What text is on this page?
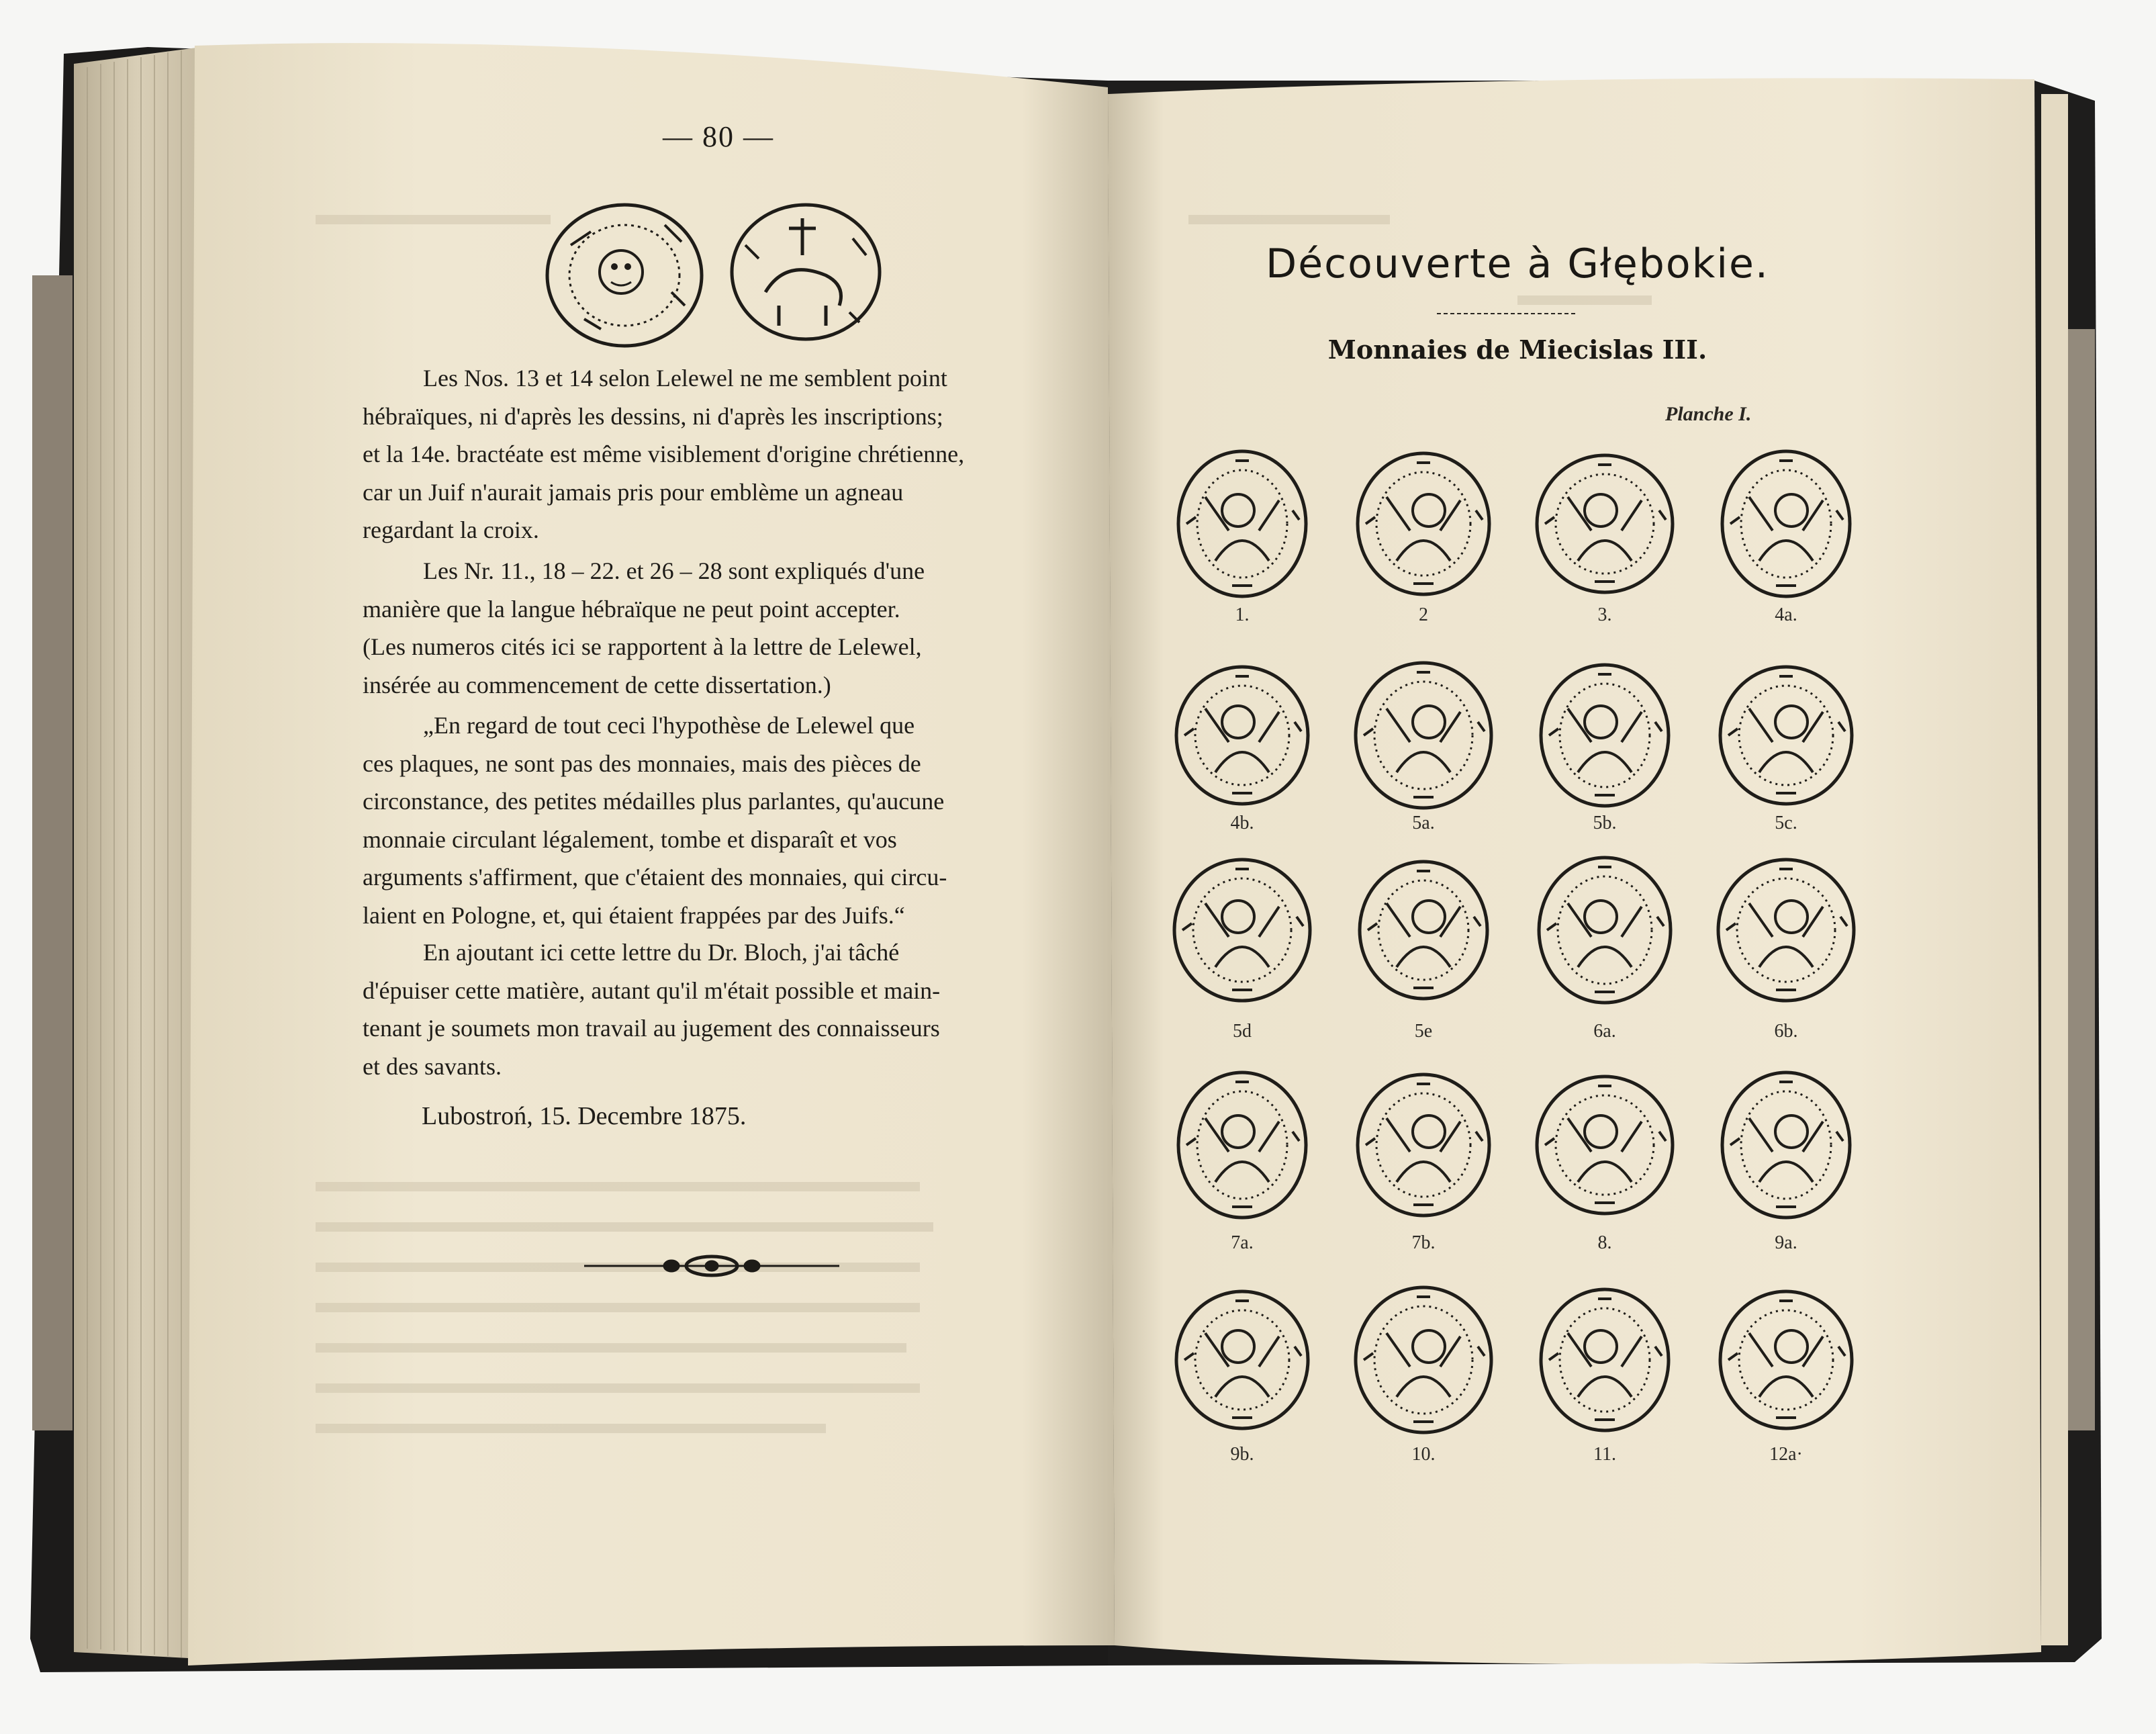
— 80 —
Les Nos. 13 et 14 selon Lelewel ne me semblent point
hébraïques, ni d'après les dessins, ni d'après les inscriptions;
et la 14e. bractéate est même visiblement d'origine chrétienne,
car un Juif n'aurait jamais pris pour emblème un agneau
regardant la croix.
Les Nr. 11., 18 – 22. et 26 – 28 sont expliqués d'une
manière que la langue hébraïque ne peut point accepter.
(Les numeros cités ici se rapportent à la lettre de Lelewel,
insérée au commencement de cette dissertation.)
„En regard de tout ceci l'hypothèse de Lelewel que
ces plaques, ne sont pas des monnaies, mais des pièces de
circonstance, des petites médailles plus parlantes, qu'aucune
monnaie circulant légalement, tombe et disparaît et vos
arguments s'affirment, que c'étaient des monnaies, qui circu-
laient en Pologne, et, qui étaient frappées par des Juifs.“
En ajoutant ici cette lettre du Dr. Bloch, j'ai tâché
d'épuiser cette matière, autant qu'il m'était possible et main-
tenant je soumets mon travail au jugement des connaisseurs
et des savants.
Lubostroń, 15. Decembre 1875.
Découverte à Głębokie.
Monnaies de Miecislas III.
Planche I.
1.	2	3.	4a.
4b.	5a.	5b.	5c.
5d	5e	6a.	6b.
7a.	7b.	8.	9a.
9b.	10.	11.	12a·
